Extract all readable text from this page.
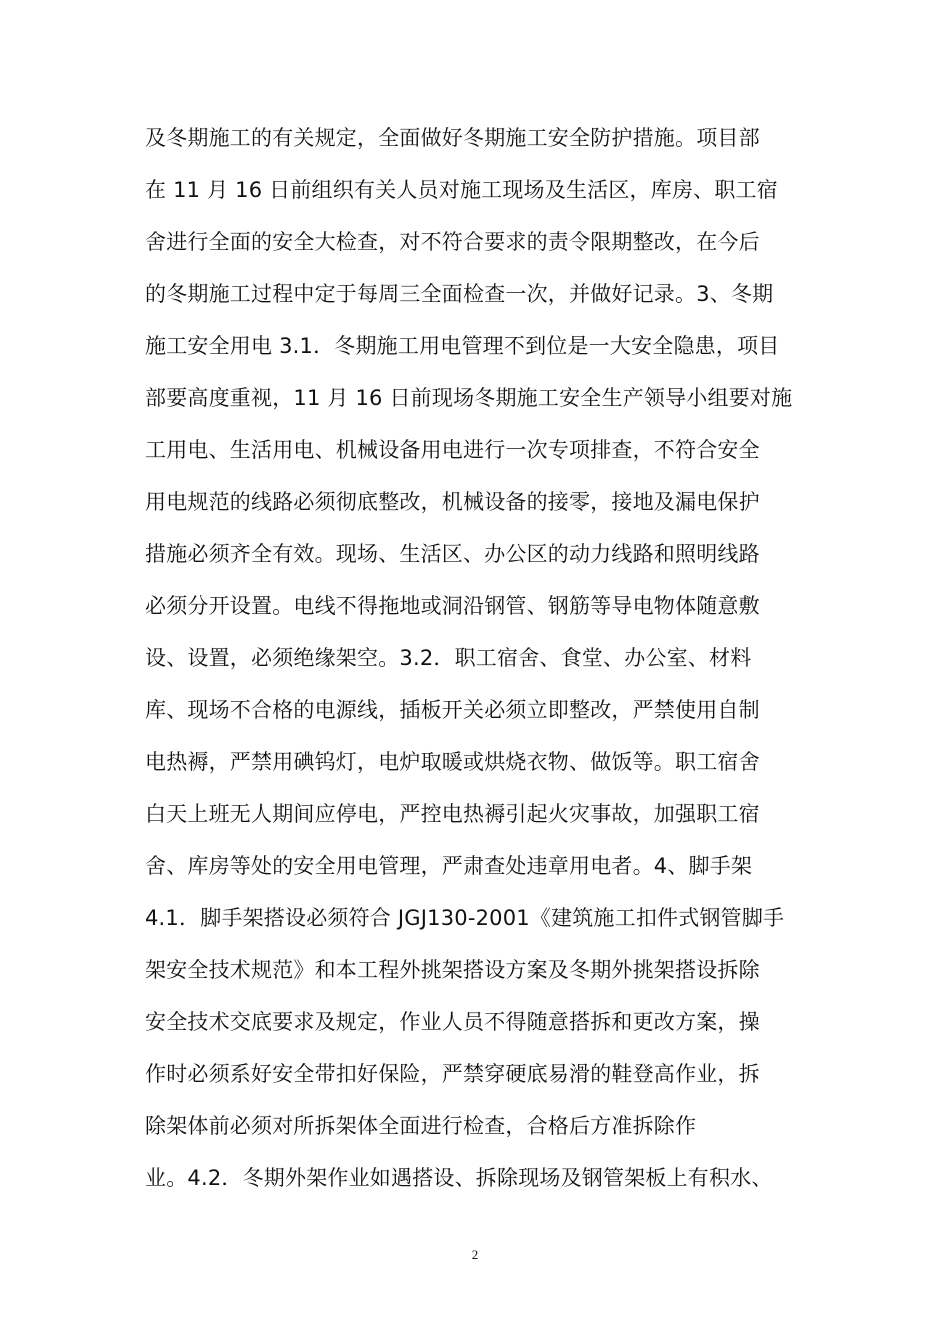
及冬期施工的有关规定，全面做好冬期施工安全防护措施。项目部
在 11 月 16 日前组织有关人员对施工现场及生活区，库房、职工宿
舍进行全面的安全大检查，对不符合要求的责令限期整改，在今后
的冬期施工过程中定于每周三全面检查一次，并做好记录。3、冬期
施工安全用电 3.1．冬期施工用电管理不到位是一大安全隐患，项目
部要高度重视，11 月 16 日前现场冬期施工安全生产领导小组要对施
工用电、生活用电、机械设备用电进行一次专项排查，不符合安全
用电规范的线路必须彻底整改，机械设备的接零，接地及漏电保护
措施必须齐全有效。现场、生活区、办公区的动力线路和照明线路
必须分开设置。电线不得拖地或洞沿钢管、钢筋等导电物体随意敷
设、设置，必须绝缘架空。3.2．职工宿舍、食堂、办公室、材料
库、现场不合格的电源线，插板开关必须立即整改，严禁使用自制
电热褥，严禁用碘钨灯，电炉取暖或烘烧衣物、做饭等。职工宿舍
白天上班无人期间应停电，严控电热褥引起火灾事故，加强职工宿
舍、库房等处的安全用电管理，严肃查处违章用电者。4、脚手架
4.1．脚手架搭设必须符合 JGJ130-2001《建筑施工扣件式钢管脚手
架安全技术规范》和本工程外挑架搭设方案及冬期外挑架搭设拆除
安全技术交底要求及规定，作业人员不得随意搭拆和更改方案，操
作时必须系好安全带扣好保险，严禁穿硬底易滑的鞋登高作业，拆
除架体前必须对所拆架体全面进行检查，合格后方准拆除作
业。4.2．冬期外架作业如遇搭设、拆除现场及钢管架板上有积水、
2
